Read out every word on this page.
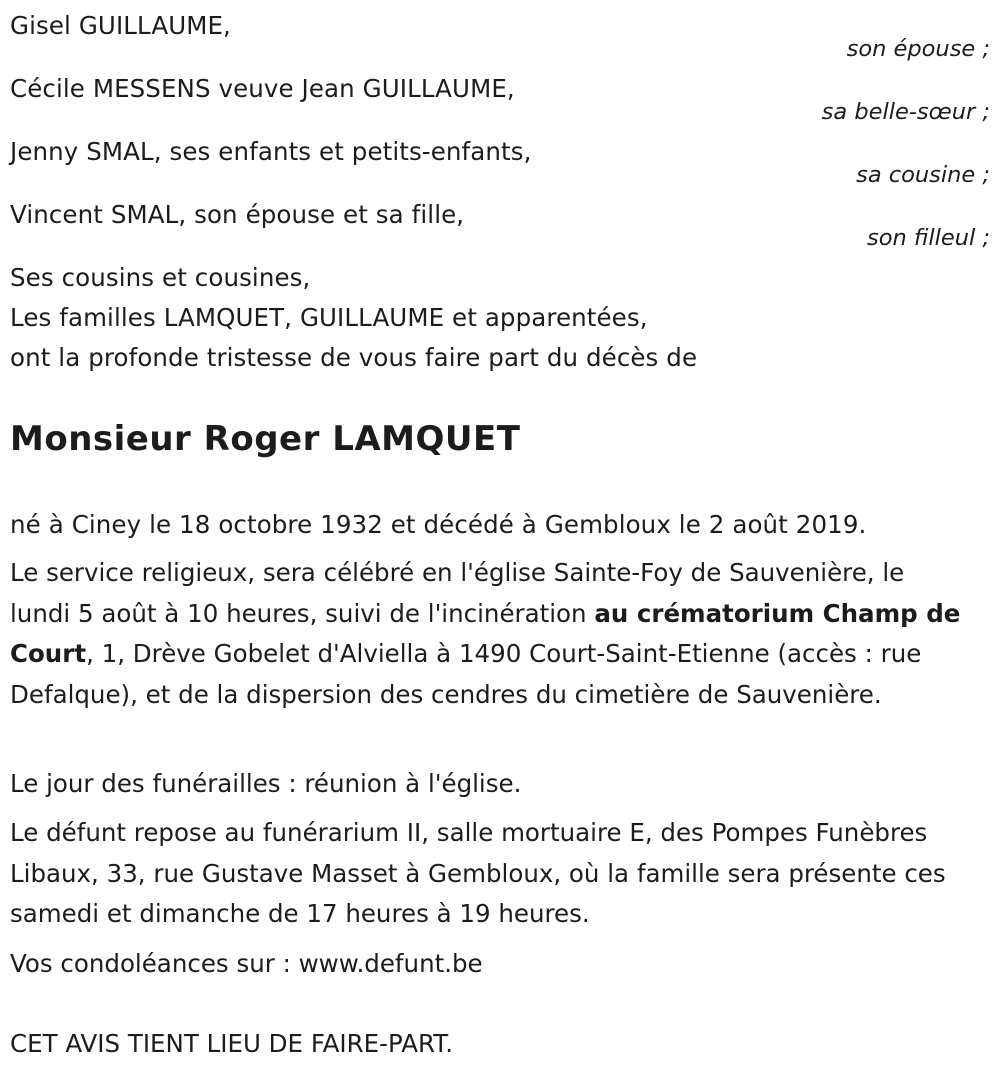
Gisel GUILLAUME,
son épouse ;
Cécile MESSENS veuve Jean GUILLAUME,
sa belle-sœur ;
Jenny SMAL, ses enfants et petits-enfants,
sa cousine ;
Vincent SMAL, son épouse et sa fille,
son filleul ;
Ses cousins et cousines,
Les familles LAMQUET, GUILLAUME et apparentées,
ont la profonde tristesse de vous faire part du décès de
Monsieur Roger LAMQUET
né à Ciney le 18 octobre 1932 et décédé à Gembloux le 2 août 2019.
Le service religieux, sera célébré en l'église Sainte-Foy de Sauvenière, le lundi 5 août à 10 heures, suivi de l'incinération au crématorium Champ de Court, 1, Drève Gobelet d'Alviella à 1490 Court-Saint-Etienne (accès : rue Defalque), et de la dispersion des cendres du cimetière de Sauvenière.
Le jour des funérailles : réunion à l'église.
Le défunt repose au funérarium II, salle mortuaire E, des Pompes Funèbres Libaux, 33, rue Gustave Masset à Gembloux, où la famille sera présente ces samedi et dimanche de 17 heures à 19 heures.
Vos condoléances sur : www.defunt.be
CET AVIS TIENT LIEU DE FAIRE-PART.
